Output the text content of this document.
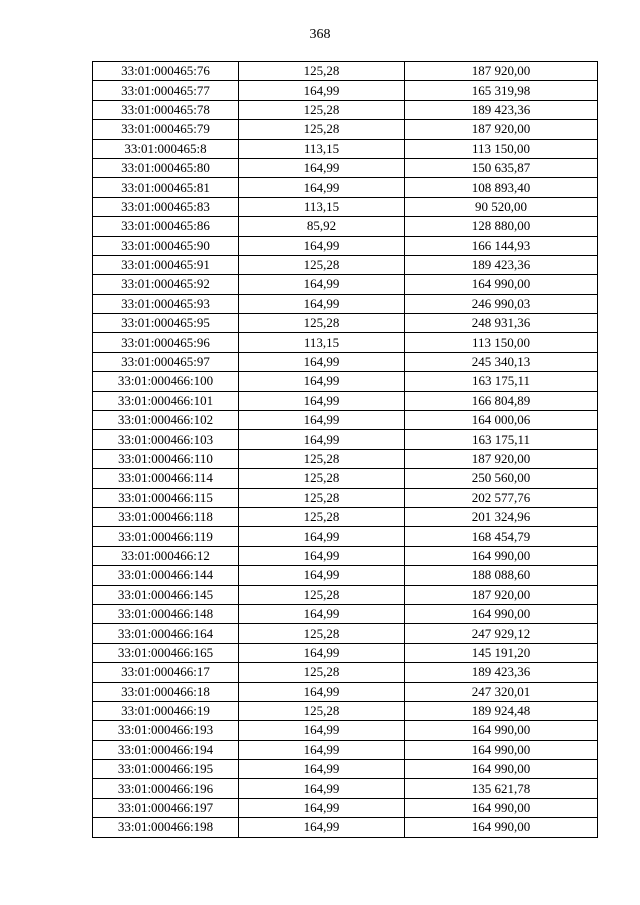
368
33:01:000465:76	125,28	187 920,00
33:01:000465:77	164,99	165 319,98
33:01:000465:78	125,28	189 423,36
33:01:000465:79	125,28	187 920,00
33:01:000465:8	113,15	113 150,00
33:01:000465:80	164,99	150 635,87
33:01:000465:81	164,99	108 893,40
33:01:000465:83	113,15	90 520,00
33:01:000465:86	85,92	128 880,00
33:01:000465:90	164,99	166 144,93
33:01:000465:91	125,28	189 423,36
33:01:000465:92	164,99	164 990,00
33:01:000465:93	164,99	246 990,03
33:01:000465:95	125,28	248 931,36
33:01:000465:96	113,15	113 150,00
33:01:000465:97	164,99	245 340,13
33:01:000466:100	164,99	163 175,11
33:01:000466:101	164,99	166 804,89
33:01:000466:102	164,99	164 000,06
33:01:000466:103	164,99	163 175,11
33:01:000466:110	125,28	187 920,00
33:01:000466:114	125,28	250 560,00
33:01:000466:115	125,28	202 577,76
33:01:000466:118	125,28	201 324,96
33:01:000466:119	164,99	168 454,79
33:01:000466:12	164,99	164 990,00
33:01:000466:144	164,99	188 088,60
33:01:000466:145	125,28	187 920,00
33:01:000466:148	164,99	164 990,00
33:01:000466:164	125,28	247 929,12
33:01:000466:165	164,99	145 191,20
33:01:000466:17	125,28	189 423,36
33:01:000466:18	164,99	247 320,01
33:01:000466:19	125,28	189 924,48
33:01:000466:193	164,99	164 990,00
33:01:000466:194	164,99	164 990,00
33:01:000466:195	164,99	164 990,00
33:01:000466:196	164,99	135 621,78
33:01:000466:197	164,99	164 990,00
33:01:000466:198	164,99	164 990,00
